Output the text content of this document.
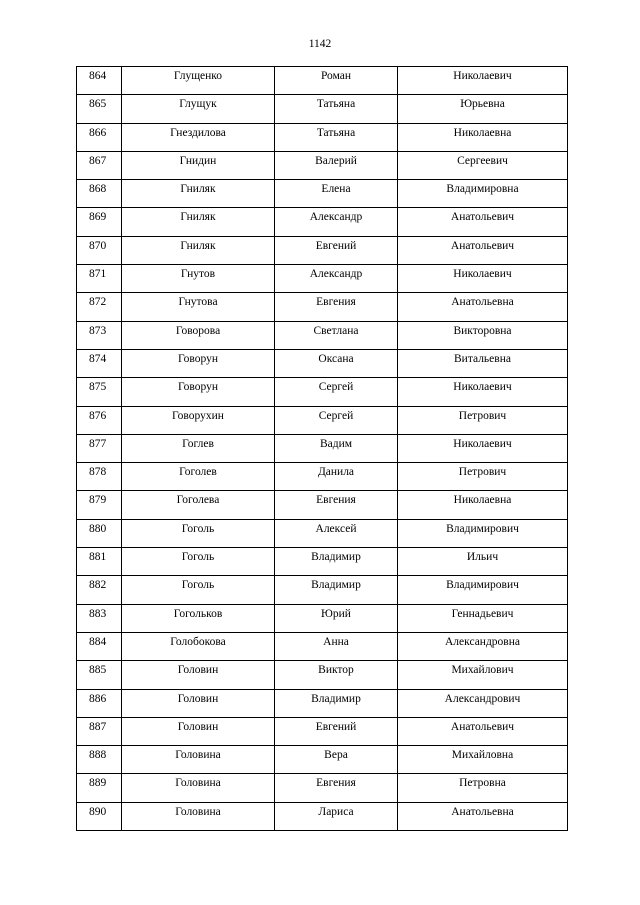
1142
864	Глущенко	Роман	Николаевич

865	Глущук	Татьяна	Юрьевна

866	Гнездилова	Татьяна	Николаевна

867	Гнидин	Валерий	Сергеевич

868	Гниляк	Елена	Владимировна

869	Гниляк	Александр	Анатольевич

870	Гниляк	Евгений	Анатольевич

871	Гнутов	Александр	Николаевич

872	Гнутова	Евгения	Анатольевна

873	Говорова	Светлана	Викторовна

874	Говорун	Оксана	Витальевна

875	Говорун	Сергей	Николаевич

876	Говорухин	Сергей	Петрович

877	Гоглев	Вадим	Николаевич

878	Гоголев	Данила	Петрович

879	Гоголева	Евгения	Николаевна

880	Гоголь	Алексей	Владимирович

881	Гоголь	Владимир	Ильич

882	Гоголь	Владимир	Владимирович

883	Гогольков	Юрий	Геннадьевич

884	Голобокова	Анна	Александровна

885	Головин	Виктор	Михайлович

886	Головин	Владимир	Александрович

887	Головин	Евгений	Анатольевич

888	Головина	Вера	Михайловна

889	Головина	Евгения	Петровна

890	Головина	Лариса	Анатольевна
